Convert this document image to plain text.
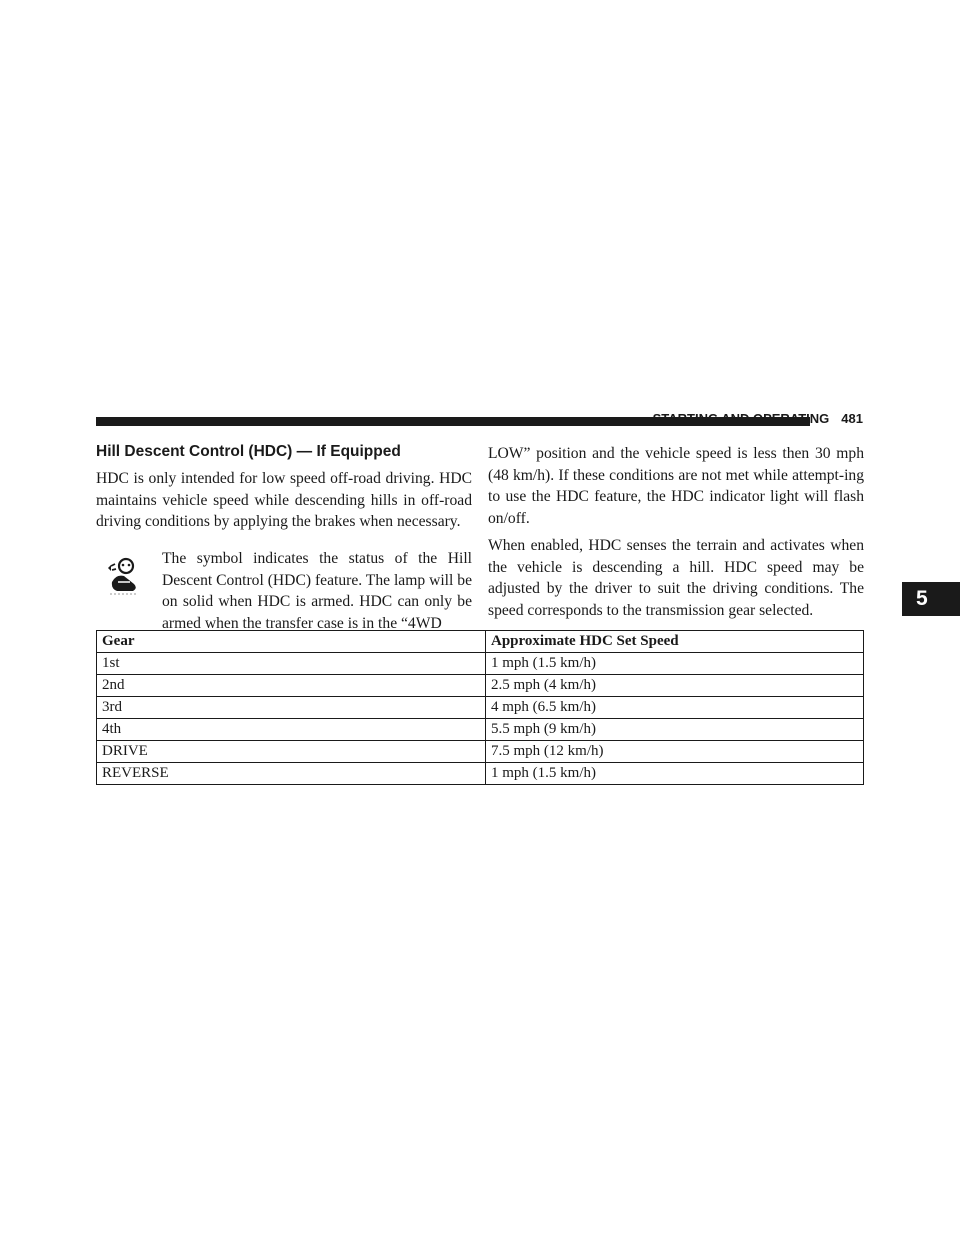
STARTING AND OPERATING 481
5
Hill Descent Control (HDC) — If Equipped

HDC is only intended for low speed off-road driving. HDC maintains vehicle speed while descending hills in off-road driving conditions by applying the brakes when necessary.

The symbol indicates the status of the Hill Descent Control (HDC) feature. The lamp will be on solid when HDC is armed. HDC can only be armed when the transfer case is in the “4WD

LOW” position and the vehicle speed is less then 30 mph (48 km/h). If these conditions are not met while attempt-ing to use the HDC feature, the HDC indicator light will flash on/off.

When enabled, HDC senses the terrain and activates when the vehicle is descending a hill. HDC speed may be adjusted by the driver to suit the driving conditions. The speed corresponds to the transmission gear selected.

Gear	Approximate HDC Set Speed
1st	1 mph (1.5 km/h)
2nd	2.5 mph (4 km/h)
3rd	4 mph (6.5 km/h)
4th	5.5 mph (9 km/h)
DRIVE	7.5 mph (12 km/h)
REVERSE	1 mph (1.5 km/h)
